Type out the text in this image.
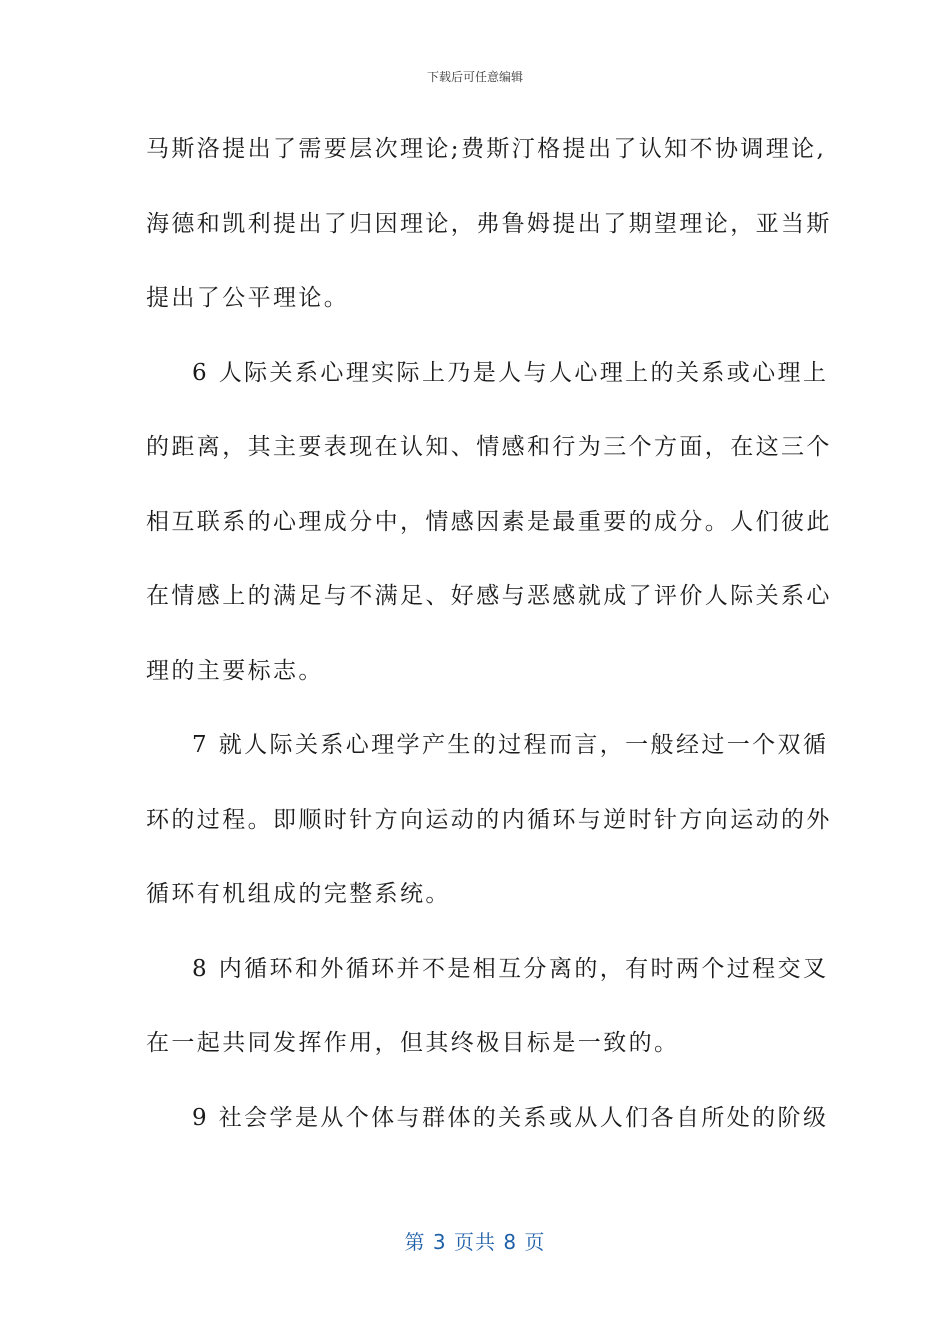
下载后可任意编辑
马斯洛提出了需要层次理论;费斯汀格提出了认知不协调理论,
海德和凯利提出了归因理论，弗鲁姆提出了期望理论，亚当斯
提出了公平理论。
6 人际关系心理实际上乃是人与人心理上的关系或心理上
的距离，其主要表现在认知、情感和行为三个方面，在这三个
相互联系的心理成分中，情感因素是最重要的成分。人们彼此
在情感上的满足与不满足、好感与恶感就成了评价人际关系心
理的主要标志。
7 就人际关系心理学产生的过程而言，一般经过一个双循
环的过程。即顺时针方向运动的内循环与逆时针方向运动的外
循环有机组成的完整系统。
8 内循环和外循环并不是相互分离的，有时两个过程交叉
在一起共同发挥作用，但其终极目标是一致的。
9 社会学是从个体与群体的关系或从人们各自所处的阶级
第 3 页共 8 页
